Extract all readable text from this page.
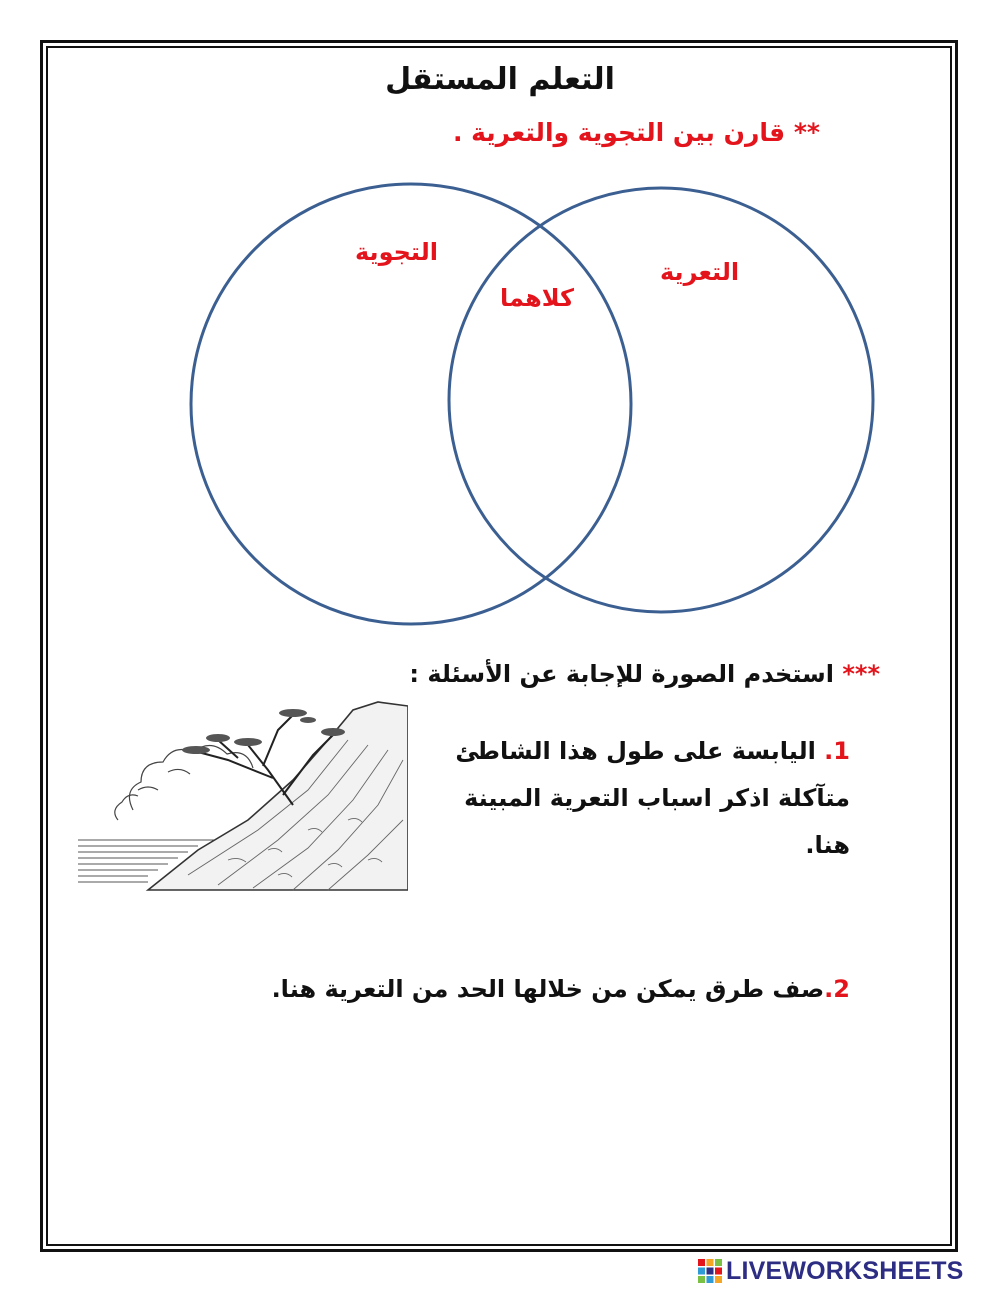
التعلم المستقل
** قارن بين التجوية والتعرية .
التجوية
كلاهما
التعرية
*** استخدم الصورة للإجابة عن الأسئلة :
1. اليابسة على طول هذا الشاطئ متآكلة اذكر اسباب التعرية المبينة هنا.
2.صف طرق يمكن من خلالها الحد من التعرية هنا.
LIVEWORKSHEETS
